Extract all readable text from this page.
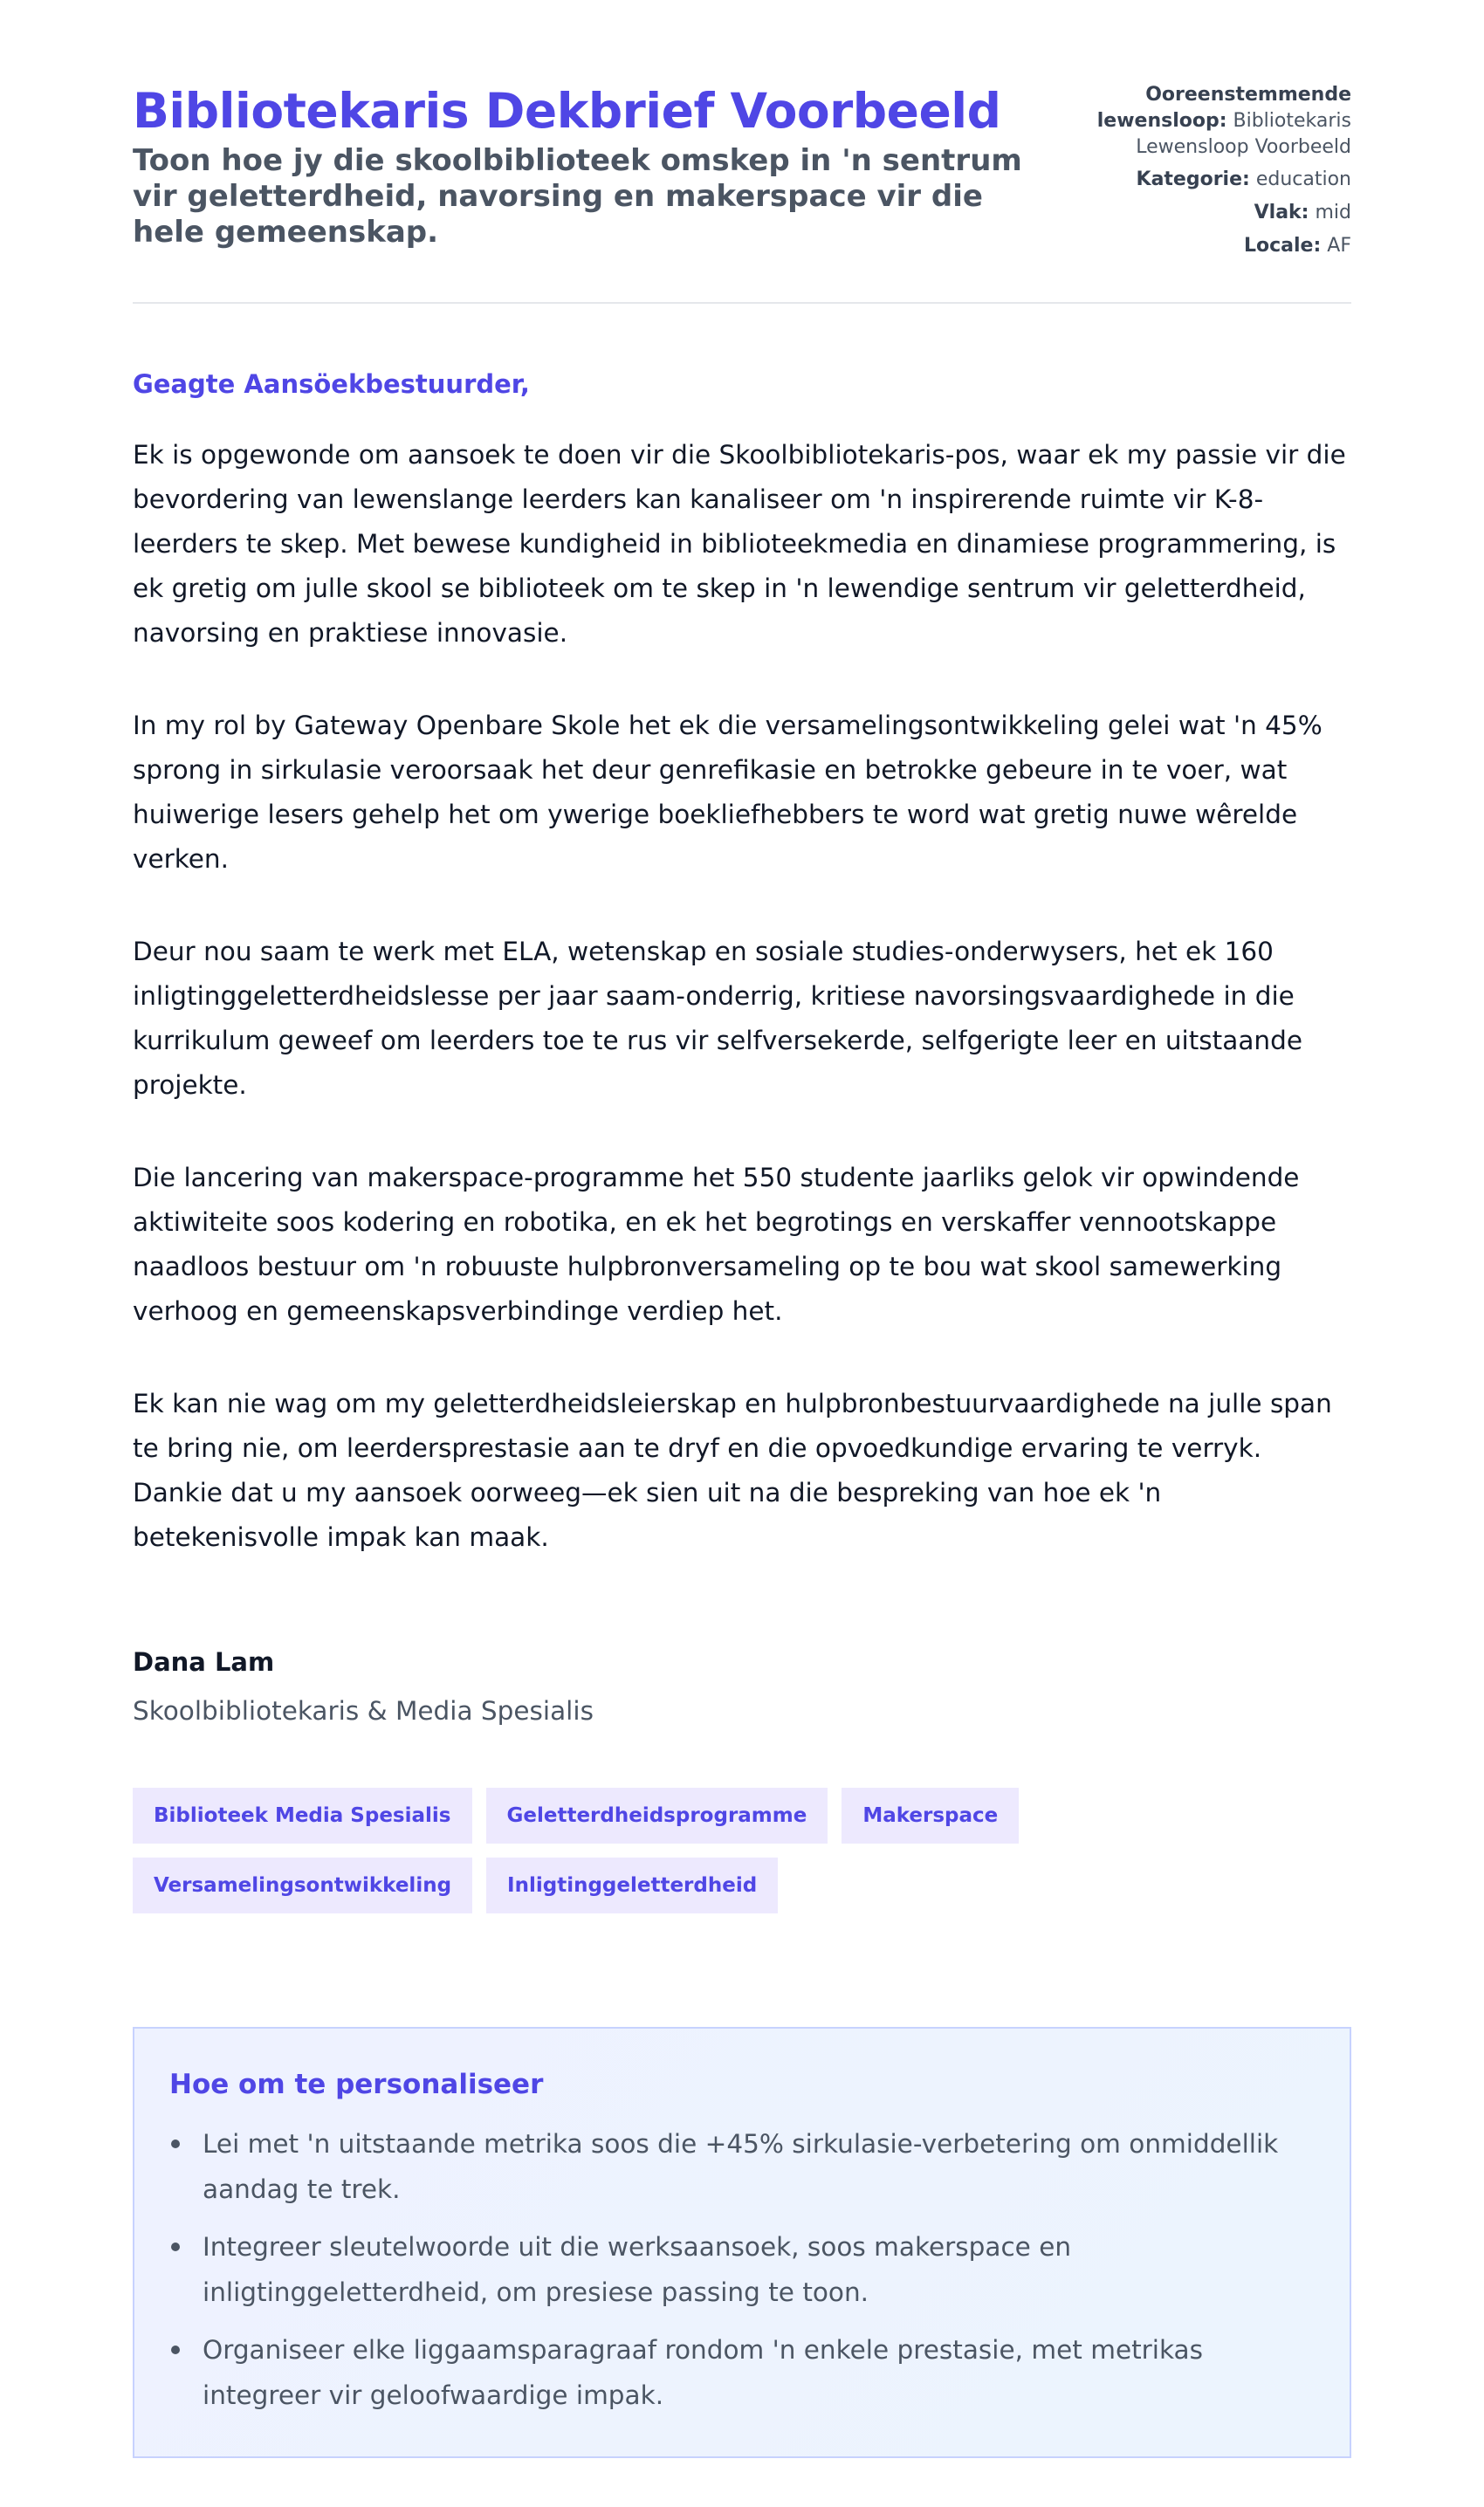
Bibliotekaris Dekbrief Voorbeeld
Toon hoe jy die skoolbiblioteek omskep in 'n sentrum vir geletterdheid, navorsing en makerspace vir die hele gemeenskap.
Ooreenstemmende lewensloop: Bibliotekaris Lewensloop Voorbeeld
Kategorie: education
Vlak: mid
Locale: AF
Geagte Aansöekbestuurder,

Ek is opgewonde om aansoek te doen vir die Skoolbibliotekaris-pos, waar ek my passie vir die bevordering van lewenslange leerders kan kanaliseer om 'n inspirerende ruimte vir K-8-leerders te skep. Met bewese kundigheid in biblioteekmedia en dinamiese programmering, is ek gretig om julle skool se biblioteek om te skep in 'n lewendige sentrum vir geletterdheid, navorsing en praktiese innovasie.

In my rol by Gateway Openbare Skole het ek die versamelingsontwikkeling gelei wat 'n 45% sprong in sirkulasie veroorsaak het deur genrefikasie en betrokke gebeure in te voer, wat huiwerige lesers gehelp het om ywerige boekliefhebbers te word wat gretig nuwe wêrelde verken.

Deur nou saam te werk met ELA, wetenskap en sosiale studies-onderwysers, het ek 160 inligtinggeletterdheidslesse per jaar saam-onderrig, kritiese navorsingsvaardighede in die kurrikulum geweef om leerders toe te rus vir selfversekerde, selfgerigte leer en uitstaande projekte.

Die lancering van makerspace-programme het 550 studente jaarliks gelok vir opwindende aktiwiteite soos kodering en robotika, en ek het begrotings en verskaffer vennootskappe naadloos bestuur om 'n robuuste hulpbronversameling op te bou wat skool samewerking verhoog en gemeenskapsverbindinge verdiep het.

Ek kan nie wag om my geletterdheidsleierskap en hulpbronbestuurvaardighede na julle span te bring nie, om leerdersprestasie aan te dryf en die opvoedkundige ervaring te verryk. Dankie dat u my aansoek oorweeg—ek sien uit na die bespreking van hoe ek 'n betekenisvolle impak kan maak.

Dana Lam
Skoolbibliotekaris & Media Spesialis
Biblioteek Media Spesialis	Geletterdheidsprogramme	Makerspace
Versamelingsontwikkeling	Inligtinggeletterdheid
Hoe om te personaliseer
Lei met 'n uitstaande metrika soos die +45% sirkulasie-verbetering om onmiddellik aandag te trek.
Integreer sleutelwoorde uit die werksaansoek, soos makerspace en inligtinggeletterdheid, om presiese passing te toon.
Organiseer elke liggaamsparagraaf rondom 'n enkele prestasie, met metrikas integreer vir geloofwaardige impak.
